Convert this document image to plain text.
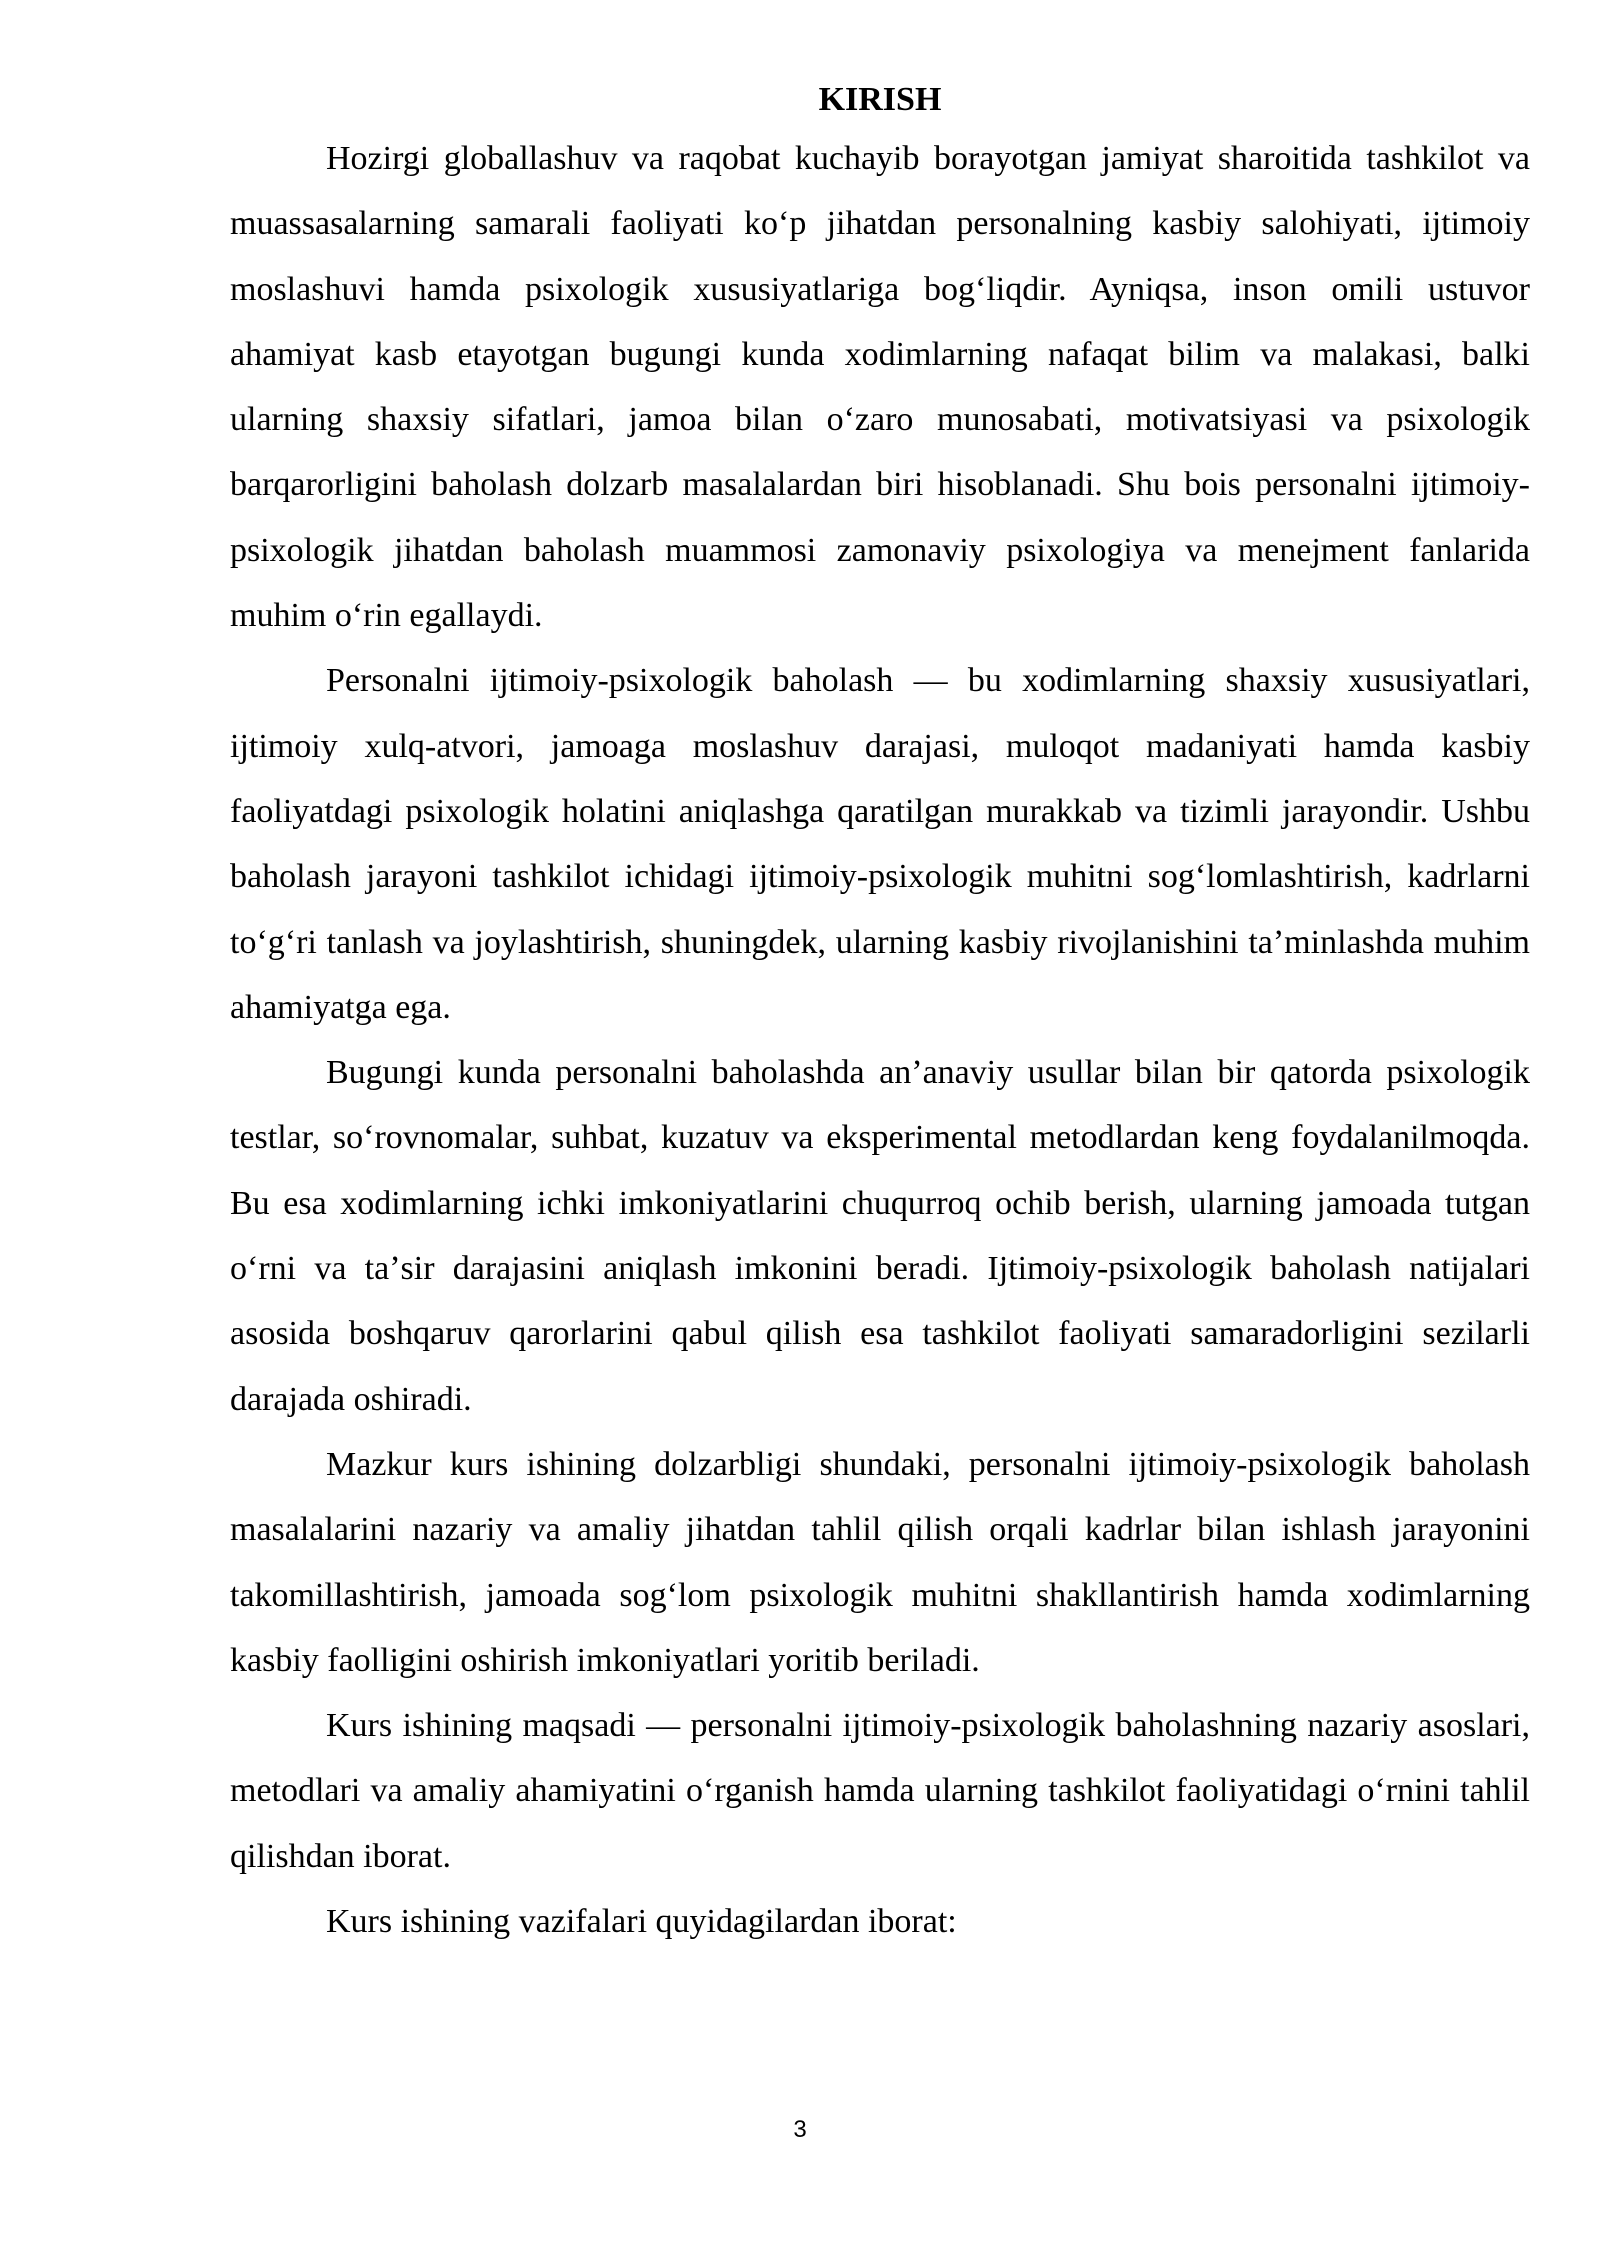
KIRISH

Hozirgi globallashuv va raqobat kuchayib borayotgan jamiyat sharoitida tashkilot va muassasalarning samarali faoliyati koʻp jihatdan personalning kasbiy salohiyati, ijtimoiy moslashuvi hamda psixologik xususiyatlariga bogʻliqdir. Ayniqsa, inson omili ustuvor ahamiyat kasb etayotgan bugungi kunda xodimlarning nafaqat bilim va malakasi, balki ularning shaxsiy sifatlari, jamoa bilan oʻzaro munosabati, motivatsiyasi va psixologik barqarorligini baholash dolzarb masalalardan biri hisoblanadi. Shu bois personalni ijtimoiy-psixologik jihatdan baholash muammosi zamonaviy psixologiya va menejment fanlarida muhim oʻrin egallaydi.

Personalni ijtimoiy-psixologik baholash — bu xodimlarning shaxsiy xususiyatlari, ijtimoiy xulq-atvori, jamoaga moslashuv darajasi, muloqot madaniyati hamda kasbiy faoliyatdagi psixologik holatini aniqlashga qaratilgan murakkab va tizimli jarayondir. Ushbu baholash jarayoni tashkilot ichidagi ijtimoiy-psixologik muhitni sogʻlomlashtirish, kadrlarni toʻgʻri tanlash va joylashtirish, shuningdek, ularning kasbiy rivojlanishini taʼminlashda muhim ahamiyatga ega.

Bugungi kunda personalni baholashda anʼanaviy usullar bilan bir qatorda psixologik testlar, soʻrovnomalar, suhbat, kuzatuv va eksperimental metodlardan keng foydalanilmoqda. Bu esa xodimlarning ichki imkoniyatlarini chuqurroq ochib berish, ularning jamoada tutgan oʻrni va taʼsir darajasini aniqlash imkonini beradi. Ijtimoiy-psixologik baholash natijalari asosida boshqaruv qarorlarini qabul qilish esa tashkilot faoliyati samaradorligini sezilarli darajada oshiradi.

Mazkur kurs ishining dolzarbligi shundaki, personalni ijtimoiy-psixologik baholash masalalarini nazariy va amaliy jihatdan tahlil qilish orqali kadrlar bilan ishlash jarayonini takomillashtirish, jamoada sogʻlom psixologik muhitni shakllantirish hamda xodimlarning kasbiy faolligini oshirish imkoniyatlari yoritib beriladi.

Kurs ishining maqsadi — personalni ijtimoiy-psixologik baholashning nazariy asoslari, metodlari va amaliy ahamiyatini oʻrganish hamda ularning tashkilot faoliyatidagi oʻrnini tahlil qilishdan iborat.

Kurs ishining vazifalari quyidagilardan iborat:

3
